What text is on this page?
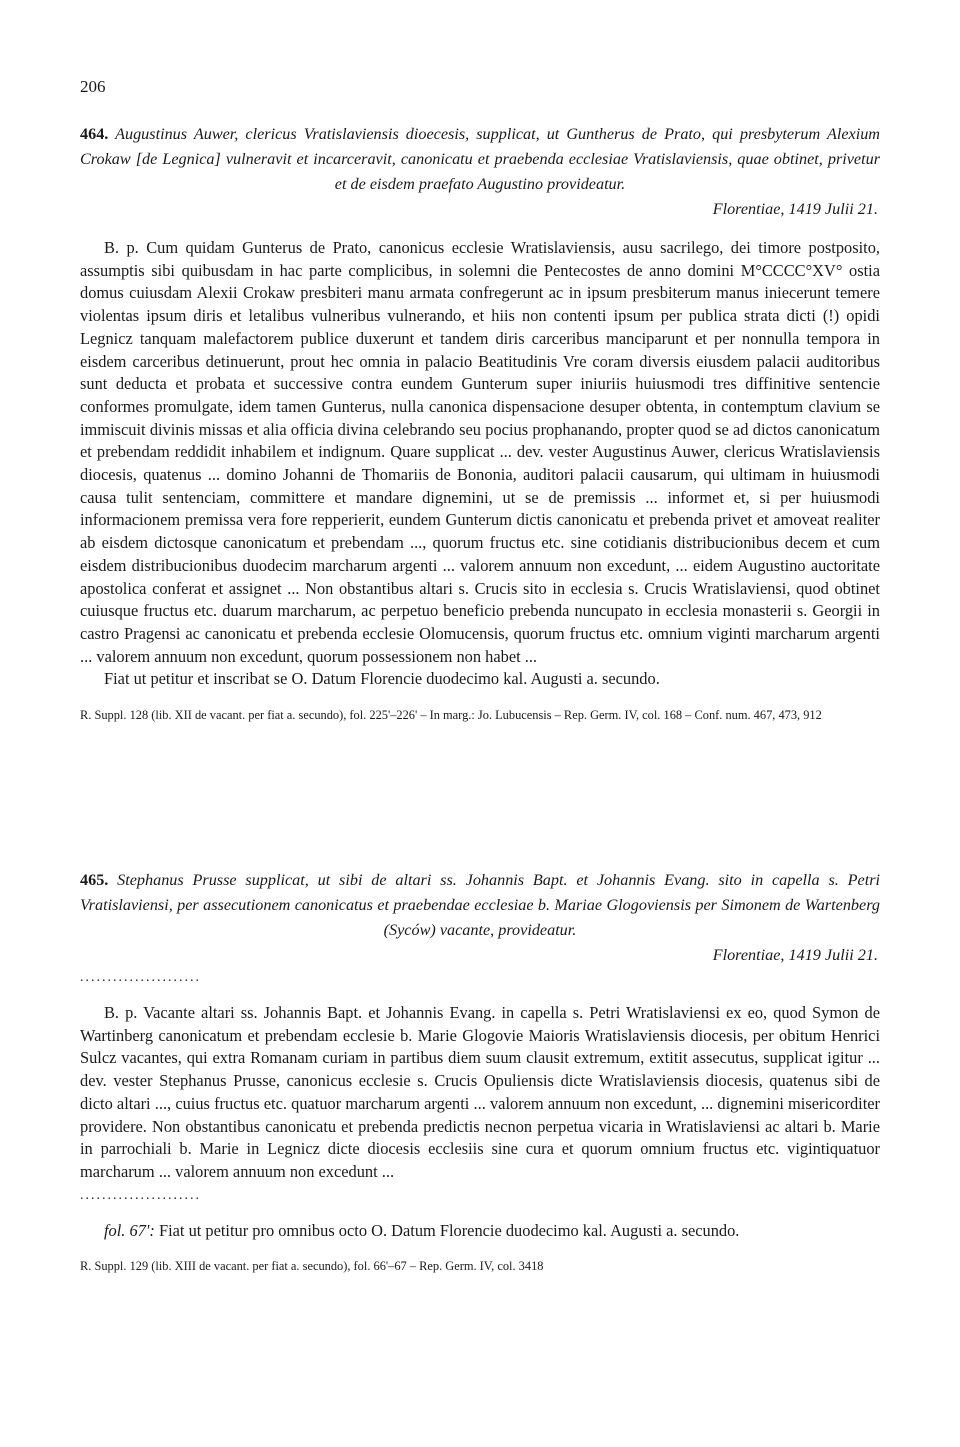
206

464. Augustinus Auwer, clericus Vratislaviensis dioecesis, supplicat, ut Guntherus de Prato, qui presbyterum Alexium Crokaw [de Legnica] vulneravit et incarceravit, canonicatu et praebenda ecclesiae Vratislaviensis, quae obtinet, privetur et de eisdem praefato Augustino provideatur.

Florentiae, 1419 Julii 21.

B. p. Cum quidam Gunterus de Prato, canonicus ecclesie Wratislaviensis, ausu sacrilego, dei timore postposito, assumptis sibi quibusdam in hac parte complicibus, in solemni die Pentecostes de anno domini M°CCCC°XV° ostia domus cuiusdam Alexii Crokaw presbiteri manu armata confregerunt ac in ipsum presbiterum manus iniecerunt temere violentas ipsum diris et letalibus vulneribus vulnerando, et hiis non contenti ipsum per publica strata dicti (!) opidi Legnicz tanquam malefactorem publice duxerunt et tandem diris carceribus manciparunt et per nonnulla tempora in eisdem carceribus detinuerunt, prout hec omnia in palacio Beatitudinis Vre coram diversis eiusdem palacii auditoribus sunt deducta et probata et successive contra eundem Gunterum super iniuriis huiusmodi tres diffinitive sentencie conformes promulgate, idem tamen Gunterus, nulla canonica dispensacione desuper obtenta, in contemptum clavium se immiscuit divinis missas et alia officia divina celebrando seu pocius prophanando, propter quod se ad dictos canonicatum et prebendam reddidit inhabilem et indignum. Quare supplicat ... dev. vester Augustinus Auwer, clericus Wratislaviensis diocesis, quatenus ... domino Johanni de Thomariis de Bononia, auditori palacii causarum, qui ultimam in huiusmodi causa tulit sentenciam, committere et mandare dignemini, ut se de premissis ... informet et, si per huiusmodi informacionem premissa vera fore repperierit, eundem Gunterum dictis canonicatu et prebenda privet et amoveat realiter ab eisdem dictosque canonicatum et prebendam ..., quorum fructus etc. sine cotidianis distribucionibus decem et cum eisdem distribucionibus duodecim marcharum argenti ... valorem annuum non excedunt, ... eidem Augustino auctoritate apostolica conferat et assignet ... Non obstantibus altari s. Crucis sito in ecclesia s. Crucis Wratislaviensi, quod obtinet cuiusque fructus etc. duarum marcharum, ac perpetuo beneficio prebenda nuncupato in ecclesia monasterii s. Georgii in castro Pragensi ac canonicatu et prebenda ecclesie Olomucensis, quorum fructus etc. omnium viginti marcharum argenti ... valorem annuum non excedunt, quorum possessionem non habet ...

Fiat ut petitur et inscribat se O. Datum Florencie duodecimo kal. Augusti a. secundo.

R. Suppl. 128 (lib. XII de vacant. per fiat a. secundo), fol. 225'–226' – In marg.: Jo. Lubucensis – Rep. Germ. IV, col. 168 – Conf. num. 467, 473, 912

465. Stephanus Prusse supplicat, ut sibi de altari ss. Johannis Bapt. et Johannis Evang. sito in capella s. Petri Vratislaviensi, per assecutionem canonicatus et praebendae ecclesiae b. Mariae Glogoviensis per Simonem de Wartenberg (Syców) vacante, provideatur.

Florentiae, 1419 Julii 21.

......................

B. p. Vacante altari ss. Johannis Bapt. et Johannis Evang. in capella s. Petri Wratislaviensi ex eo, quod Symon de Wartinberg canonicatum et prebendam ecclesie b. Marie Glogovie Maioris Wratislaviensis diocesis, per obitum Henrici Sulcz vacantes, qui extra Romanam curiam in partibus diem suum clausit extremum, extitit assecutus, supplicat igitur ... dev. vester Stephanus Prusse, canonicus ecclesie s. Crucis Opuliensis dicte Wratislaviensis diocesis, quatenus sibi de dicto altari ..., cuius fructus etc. quatuor marcharum argenti ... valorem annuum non excedunt, ... dignemini misericorditer providere. Non obstantibus canonicatu et prebenda predictis necnon perpetua vicaria in Wratislaviensi ac altari b. Marie in parrochiali b. Marie in Legnicz dicte diocesis ecclesiis sine cura et quorum omnium fructus etc. vigintiquatuor marcharum ... valorem annuum non excedunt ...

......................

fol. 67': Fiat ut petitur pro omnibus octo O. Datum Florencie duodecimo kal. Augusti a. secundo.

R. Suppl. 129 (lib. XIII de vacant. per fiat a. secundo), fol. 66'–67 – Rep. Germ. IV, col. 3418
